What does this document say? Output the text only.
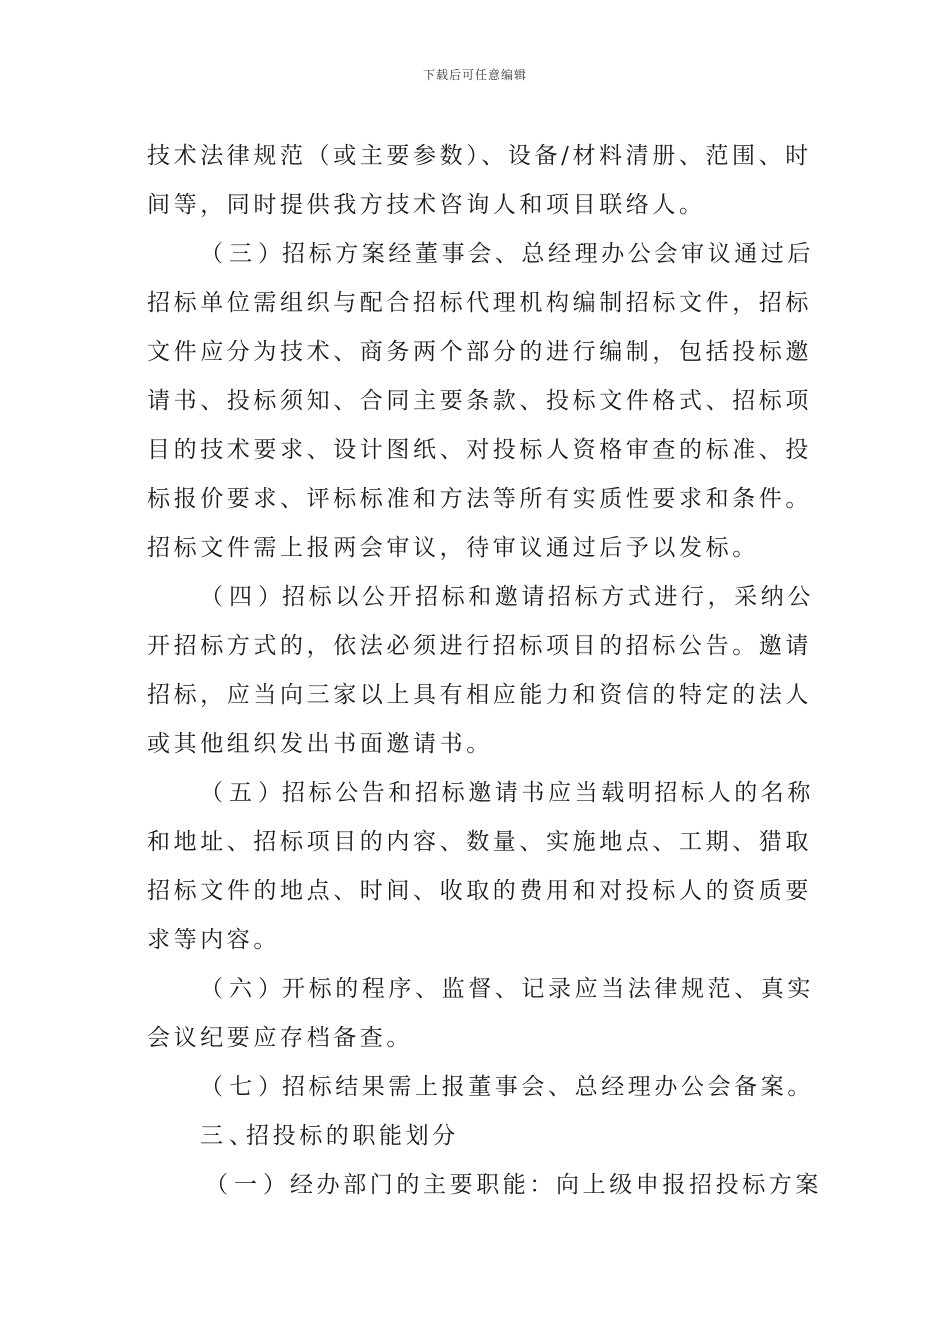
下载后可任意编辑
技术法律规范（或主要参数）、设备/材料清册、范围、时
间等，同时提供我方技术咨询人和项目联络人。
（三）招标方案经董事会、总经理办公会审议通过后
招标单位需组织与配合招标代理机构编制招标文件，招标
文件应分为技术、商务两个部分的进行编制，包括投标邀
请书、投标须知、合同主要条款、投标文件格式、招标项
目的技术要求、设计图纸、对投标人资格审查的标准、投
标报价要求、评标标准和方法等所有实质性要求和条件。
招标文件需上报两会审议，待审议通过后予以发标。
（四）招标以公开招标和邀请招标方式进行，采纳公
开招标方式的，依法必须进行招标项目的招标公告。邀请
招标，应当向三家以上具有相应能力和资信的特定的法人
或其他组织发出书面邀请书。
（五）招标公告和招标邀请书应当载明招标人的名称
和地址、招标项目的内容、数量、实施地点、工期、猎取
招标文件的地点、时间、收取的费用和对投标人的资质要
求等内容。
（六）开标的程序、监督、记录应当法律规范、真实
会议纪要应存档备查。
（七）招标结果需上报董事会、总经理办公会备案。
三、招投标的职能划分
（一）经办部门的主要职能：向上级申报招投标方案
